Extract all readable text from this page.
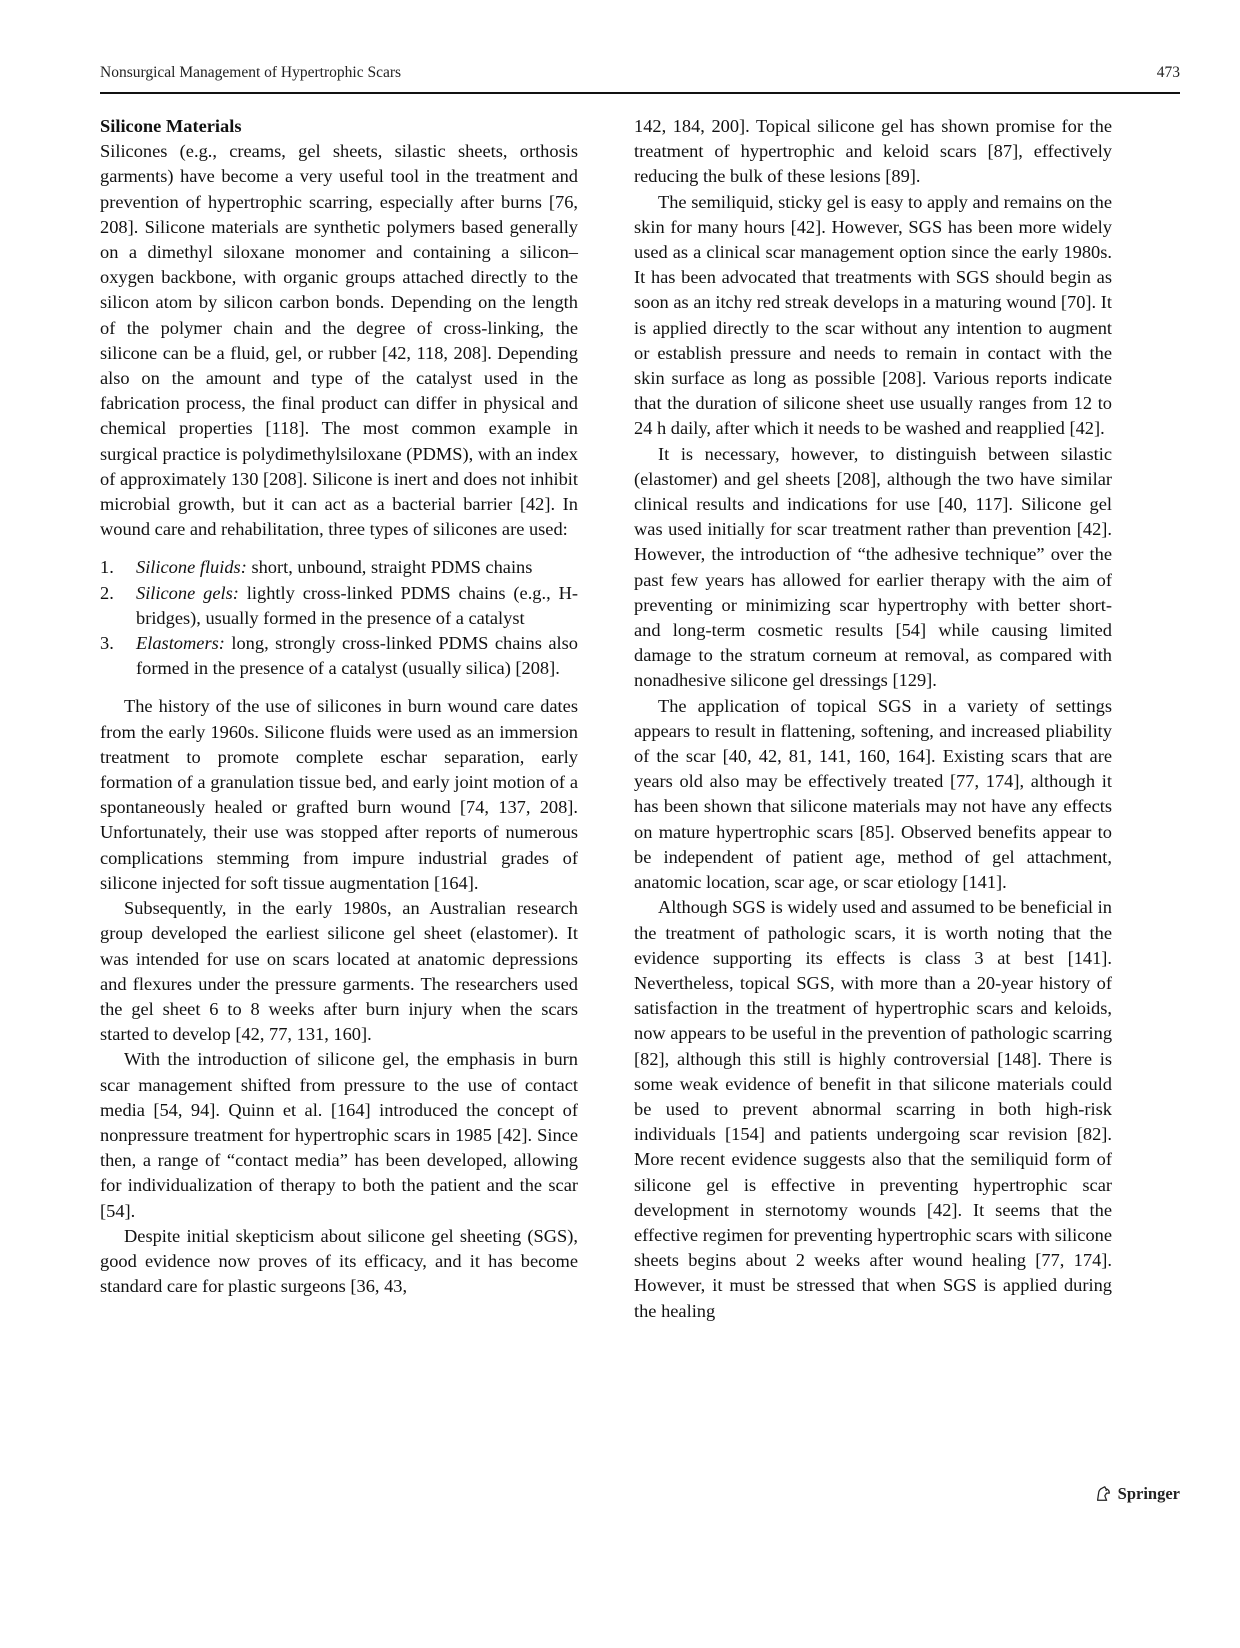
Nonsurgical Management of Hypertrophic Scars	473

Silicone Materials

Silicones (e.g., creams, gel sheets, silastic sheets, orthosis garments) have become a very useful tool in the treatment and prevention of hypertrophic scarring, especially after burns [76, 208]. Silicone materials are synthetic polymers based generally on a dimethyl siloxane monomer and containing a silicon–oxygen backbone, with organic groups attached directly to the silicon atom by silicon carbon bonds. Depending on the length of the polymer chain and the degree of cross-linking, the silicone can be a fluid, gel, or rubber [42, 118, 208]. Depending also on the amount and type of the catalyst used in the fabrication process, the final product can differ in physical and chemical properties [118]. The most common example in surgical practice is polydimethylsiloxane (PDMS), with an index of approximately 130 [208]. Silicone is inert and does not inhibit microbial growth, but it can act as a bacterial barrier [42]. In wound care and rehabilitation, three types of silicones are used:

1. Silicone fluids: short, unbound, straight PDMS chains
2. Silicone gels: lightly cross-linked PDMS chains (e.g., H-bridges), usually formed in the presence of a catalyst
3. Elastomers: long, strongly cross-linked PDMS chains also formed in the presence of a catalyst (usually silica) [208].

The history of the use of silicones in burn wound care dates from the early 1960s. Silicone fluids were used as an immersion treatment to promote complete eschar separation, early formation of a granulation tissue bed, and early joint motion of a spontaneously healed or grafted burn wound [74, 137, 208]. Unfortunately, their use was stopped after reports of numerous complications stemming from impure industrial grades of silicone injected for soft tissue augmentation [164].

Subsequently, in the early 1980s, an Australian research group developed the earliest silicone gel sheet (elastomer). It was intended for use on scars located at anatomic depressions and flexures under the pressure garments. The researchers used the gel sheet 6 to 8 weeks after burn injury when the scars started to develop [42, 77, 131, 160].

With the introduction of silicone gel, the emphasis in burn scar management shifted from pressure to the use of contact media [54, 94]. Quinn et al. [164] introduced the concept of nonpressure treatment for hypertrophic scars in 1985 [42]. Since then, a range of “contact media” has been developed, allowing for individualization of therapy to both the patient and the scar [54].

Despite initial skepticism about silicone gel sheeting (SGS), good evidence now proves of its efficacy, and it has become standard care for plastic surgeons [36, 43,

142, 184, 200]. Topical silicone gel has shown promise for the treatment of hypertrophic and keloid scars [87], effectively reducing the bulk of these lesions [89].

The semiliquid, sticky gel is easy to apply and remains on the skin for many hours [42]. However, SGS has been more widely used as a clinical scar management option since the early 1980s. It has been advocated that treatments with SGS should begin as soon as an itchy red streak develops in a maturing wound [70]. It is applied directly to the scar without any intention to augment or establish pressure and needs to remain in contact with the skin surface as long as possible [208]. Various reports indicate that the duration of silicone sheet use usually ranges from 12 to 24 h daily, after which it needs to be washed and reapplied [42].

It is necessary, however, to distinguish between silastic (elastomer) and gel sheets [208], although the two have similar clinical results and indications for use [40, 117]. Silicone gel was used initially for scar treatment rather than prevention [42]. However, the introduction of “the adhesive technique” over the past few years has allowed for earlier therapy with the aim of preventing or minimizing scar hypertrophy with better short- and long-term cosmetic results [54] while causing limited damage to the stratum corneum at removal, as compared with nonadhesive silicone gel dressings [129].

The application of topical SGS in a variety of settings appears to result in flattening, softening, and increased pliability of the scar [40, 42, 81, 141, 160, 164]. Existing scars that are years old also may be effectively treated [77, 174], although it has been shown that silicone materials may not have any effects on mature hypertrophic scars [85]. Observed benefits appear to be independent of patient age, method of gel attachment, anatomic location, scar age, or scar etiology [141].

Although SGS is widely used and assumed to be beneficial in the treatment of pathologic scars, it is worth noting that the evidence supporting its effects is class 3 at best [141]. Nevertheless, topical SGS, with more than a 20-year history of satisfaction in the treatment of hypertrophic scars and keloids, now appears to be useful in the prevention of pathologic scarring [82], although this still is highly controversial [148]. There is some weak evidence of benefit in that silicone materials could be used to prevent abnormal scarring in both high-risk individuals [154] and patients undergoing scar revision [82]. More recent evidence suggests also that the semiliquid form of silicone gel is effective in preventing hypertrophic scar development in sternotomy wounds [42]. It seems that the effective regimen for preventing hypertrophic scars with silicone sheets begins about 2 weeks after wound healing [77, 174]. However, it must be stressed that when SGS is applied during the healing

Springer
